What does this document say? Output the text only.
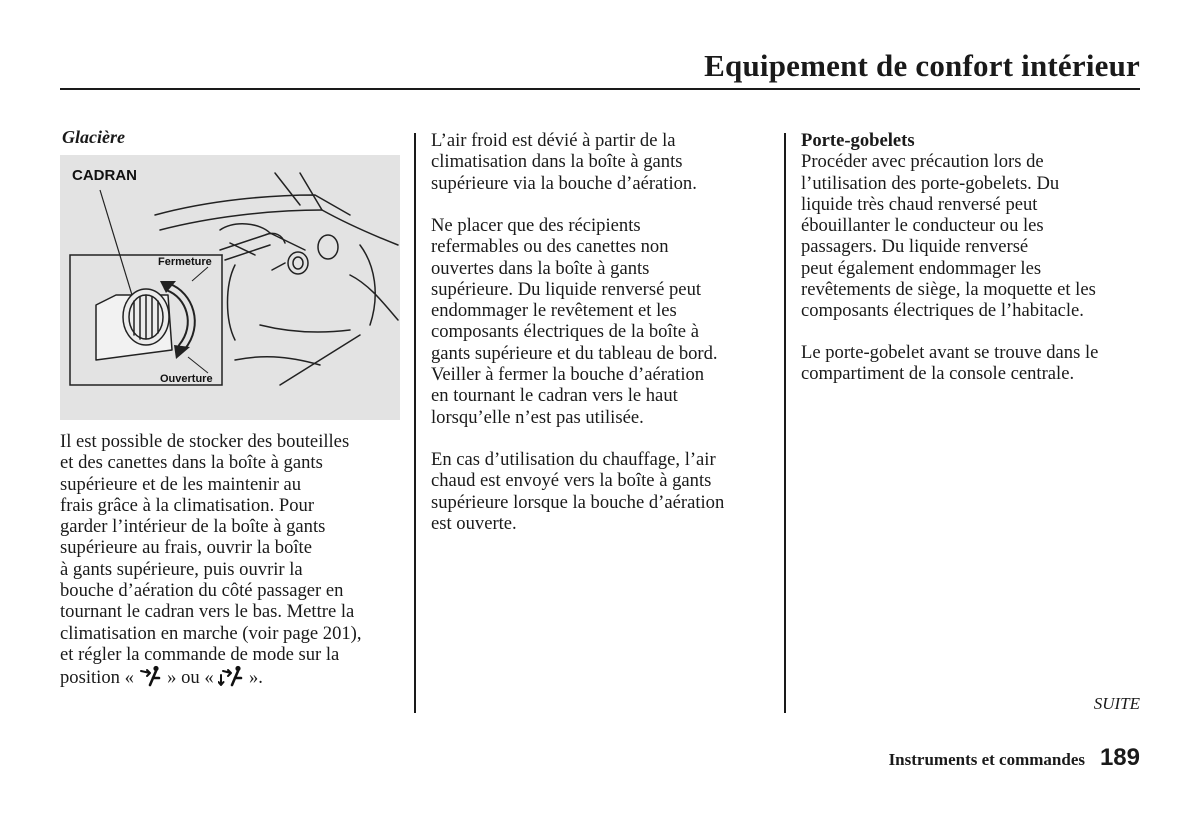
Equipement de confort intérieur
Glacière
CADRAN
Fermeture
Ouverture
Il est possible de stocker des bouteilles
et des canettes dans la boîte à gants
supérieure et de les maintenir au
frais grâce à la climatisation. Pour
garder l’intérieur de la boîte à gants
supérieure au frais, ouvrir la boîte
à gants supérieure, puis ouvrir la
bouche d’aération du côté passager en
tournant le cadran vers le bas. Mettre la
climatisation en marche (voir page 201),
et régler la commande de mode sur la
position «  » ou «  ».
L’air froid est dévié à partir de la
climatisation dans la boîte à gants
supérieure via la bouche d’aération.
Ne placer que des récipients
refermables ou des canettes non
ouvertes dans la boîte à gants
supérieure. Du liquide renversé peut
endommager le revêtement et les
composants électriques de la boîte à
gants supérieure et du tableau de bord.
Veiller à fermer la bouche d’aération
en tournant le cadran vers le haut
lorsqu’elle n’est pas utilisée.
En cas d’utilisation du chauffage, l’air
chaud est envoyé vers la boîte à gants
supérieure lorsque la bouche d’aération
est ouverte.
Porte-gobelets
Procéder avec précaution lors de
l’utilisation des porte-gobelets. Du
liquide très chaud renversé peut
ébouillanter le conducteur ou les
passagers. Du liquide renversé
peut également endommager les
revêtements de siège, la moquette et les
composants électriques de l’habitacle.
Le porte-gobelet avant se trouve dans le
compartiment de la console centrale.
SUITE
Instruments et commandes 189
